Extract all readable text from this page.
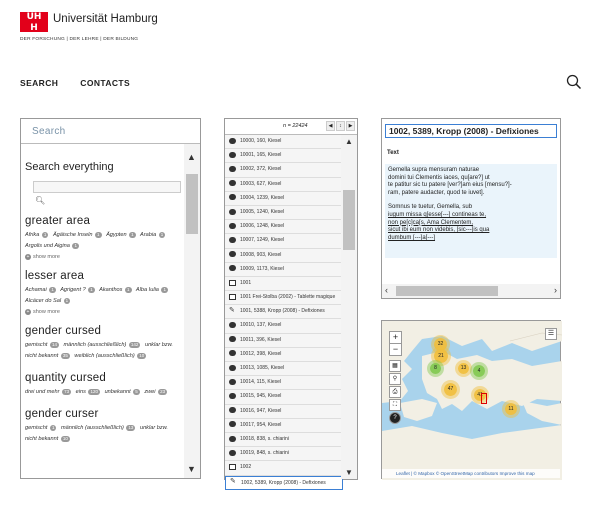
UH
H
Universität Hamburg
DER FORSCHUNG | DER LEHRE | DER BILDUNG
SEARCH	CONTACTS
Search
Search everything
🔍︎
greater area
Afrika 1 Ägäische Inseln 1 Ägypten 1 Arabia 1 Argolis und Aigina 1
+ show more
lesser area
Achamai 1 Agrigent ? 1 Akanthos 1 Alba Iulia 1 Alcácer do Sal 1
+ show more
gender cursed
gemischt 14 männlich (ausschließlich) 142 unklar bzw. nicht bekannt 35 weiblich (ausschließlich) 10
quantity cursed
drei und mehr 73 eins 120 unbekannt 5 zwei 23
gender curser
gemischt 1 männlich (ausschließlich) 13 unklar bzw. nicht bekannt 10
▲
▼
n = 22424	◀	↕	▶
10000, 160, Kiesel
10001, 165, Kiesel
10002, 372, Kiesel
10003, 627, Kiesel
10004, 1239, Kiesel
10005, 1240, Kiesel
10006, 1248, Kiesel
10007, 1249, Kiesel
10008, 903, Kiesel
10009, 1173, Kiesel
1001
1001 Frei-Stolba (2002) - Tablette magique
✎ 1001, 5388, Kropp (2008) - Defixiones
10010, 137, Kiesel
10011, 396, Kiesel
10012, 398, Kiesel
10013, 1085, Kiesel
10014, 115, Kiesel
10015, 945, Kiesel
10016, 947, Kiesel
10017, 954, Kiesel
10018, 838, s. chiarini
10019, 848, s. chiarini
1002
✎ 1002, 5389, Kropp (2008) - Defixiones
▲
▼
1002, 5389, Kropp (2008) - Defixiones
Text
Gemella supra mensuram naturae
domini tui Clementis iaces, qu[are?] ut
te patitur sic tu patere [ver?]am eius [mensu?]-
ram, patere audacter, quod te iuvet].
Somnus te tuetur, Gemella, sub
iugum missa q[esse[---] contineas te,
non pe[c]ca[s, Ama Clementem,
sicut ibi eum non videbis, [sic---]is qua
dumbum [---]a[---]
‹	›
+
−
▦
⚲
⎙
⛶
?
☰
32
21
13	4
8
47
41
11
Leaflet | © Mapbox © OpenStreetMap contributors Improve this map
